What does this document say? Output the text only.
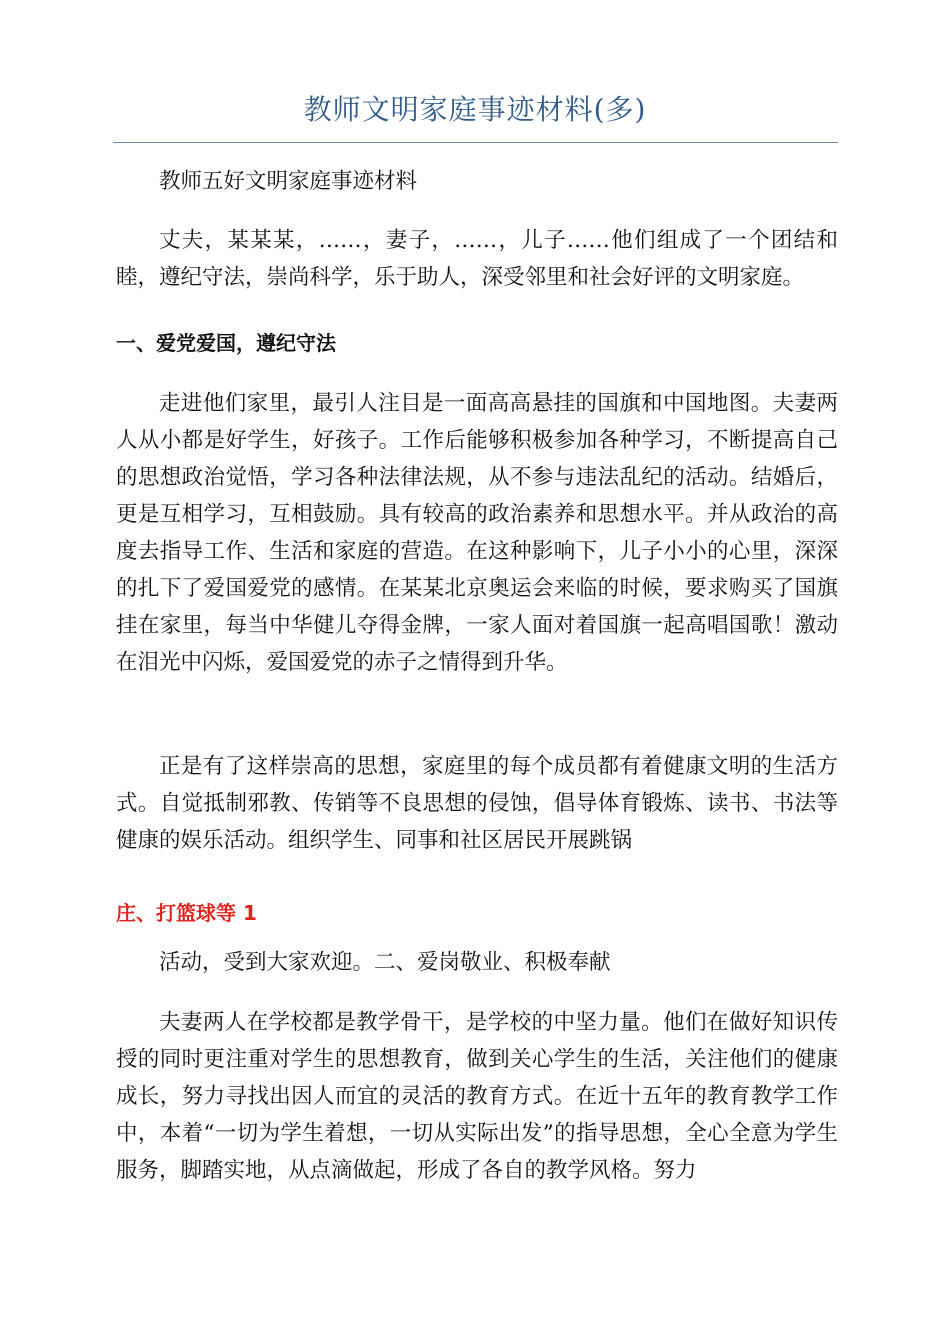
教师文明家庭事迹材料(多)

教师五好文明家庭事迹材料

丈夫，某某某，……，妻子，……，儿子……他们组成了一个团结和睦，遵纪守法，崇尚科学，乐于助人，深受邻里和社会好评的文明家庭。

一、爱党爱国，遵纪守法

走进他们家里，最引人注目是一面高高悬挂的国旗和中国地图。夫妻两人从小都是好学生，好孩子。工作后能够积极参加各种学习，不断提高自己的思想政治觉悟，学习各种法律法规，从不参与违法乱纪的活动。结婚后，更是互相学习，互相鼓励。具有较高的政治素养和思想水平。并从政治的高度去指导工作、生活和家庭的营造。在这种影响下，儿子小小的心里，深深的扎下了爱国爱党的感情。在某某北京奥运会来临的时候，要求购买了国旗挂在家里，每当中华健儿夺得金牌，一家人面对着国旗一起高唱国歌！激动在泪光中闪烁，爱国爱党的赤子之情得到升华。

正是有了这样崇高的思想，家庭里的每个成员都有着健康文明的生活方式。自觉抵制邪教、传销等不良思想的侵蚀，倡导体育锻炼、读书、书法等健康的娱乐活动。组织学生、同事和社区居民开展跳锅

庄、打篮球等 1

活动，受到大家欢迎。二、爱岗敬业、积极奉献

夫妻两人在学校都是教学骨干，是学校的中坚力量。他们在做好知识传授的同时更注重对学生的思想教育，做到关心学生的生活，关注他们的健康成长，努力寻找出因人而宜的灵活的教育方式。在近十五年的教育教学工作中，本着“一切为学生着想，一切从实际出发”的指导思想，全心全意为学生服务，脚踏实地，从点滴做起，形成了各自的教学风格。努力
